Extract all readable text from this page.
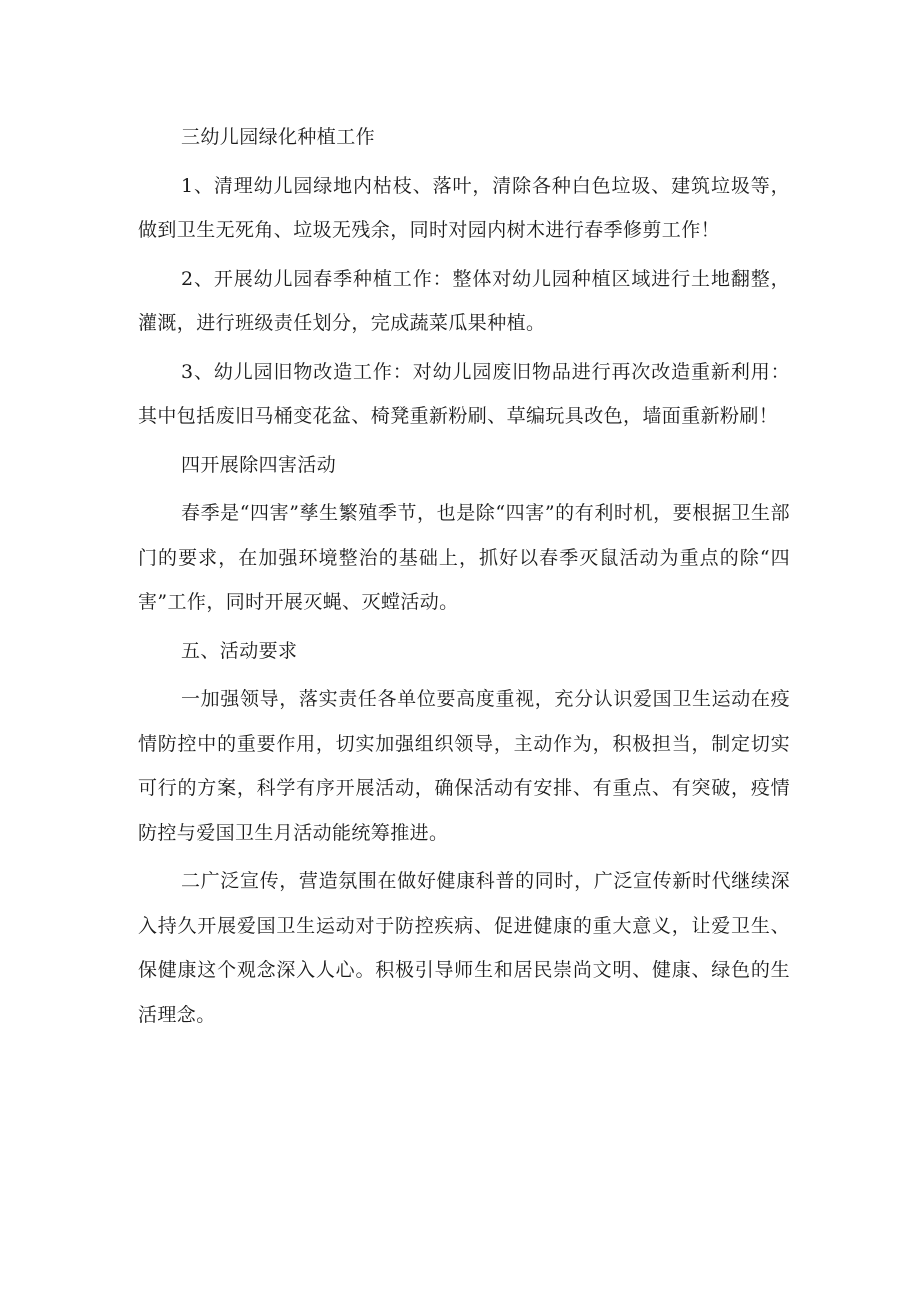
三幼儿园绿化种植工作

1、清理幼儿园绿地内枯枝、落叶，清除各种白色垃圾、建筑垃圾等，做到卫生无死角、垃圾无残余，同时对园内树木进行春季修剪工作！

2、开展幼儿园春季种植工作：整体对幼儿园种植区域进行土地翻整，灌溉，进行班级责任划分，完成蔬菜瓜果种植。

3、幼儿园旧物改造工作：对幼儿园废旧物品进行再次改造重新利用：其中包括废旧马桶变花盆、椅凳重新粉刷、草编玩具改色，墙面重新粉刷！

四开展除四害活动

春季是“四害”孳生繁殖季节，也是除“四害”的有利时机，要根据卫生部门的要求，在加强环境整治的基础上，抓好以春季灭鼠活动为重点的除“四害”工作，同时开展灭蝇、灭螳活动。

五、活动要求

一加强领导，落实责任各单位要高度重视，充分认识爱国卫生运动在疫情防控中的重要作用，切实加强组织领导，主动作为，积极担当，制定切实可行的方案，科学有序开展活动，确保活动有安排、有重点、有突破，疫情防控与爱国卫生月活动能统筹推进。

二广泛宣传，营造氛围在做好健康科普的同时，广泛宣传新时代继续深入持久开展爱国卫生运动对于防控疾病、促进健康的重大意义，让爱卫生、保健康这个观念深入人心。积极引导师生和居民崇尚文明、健康、绿色的生活理念。
